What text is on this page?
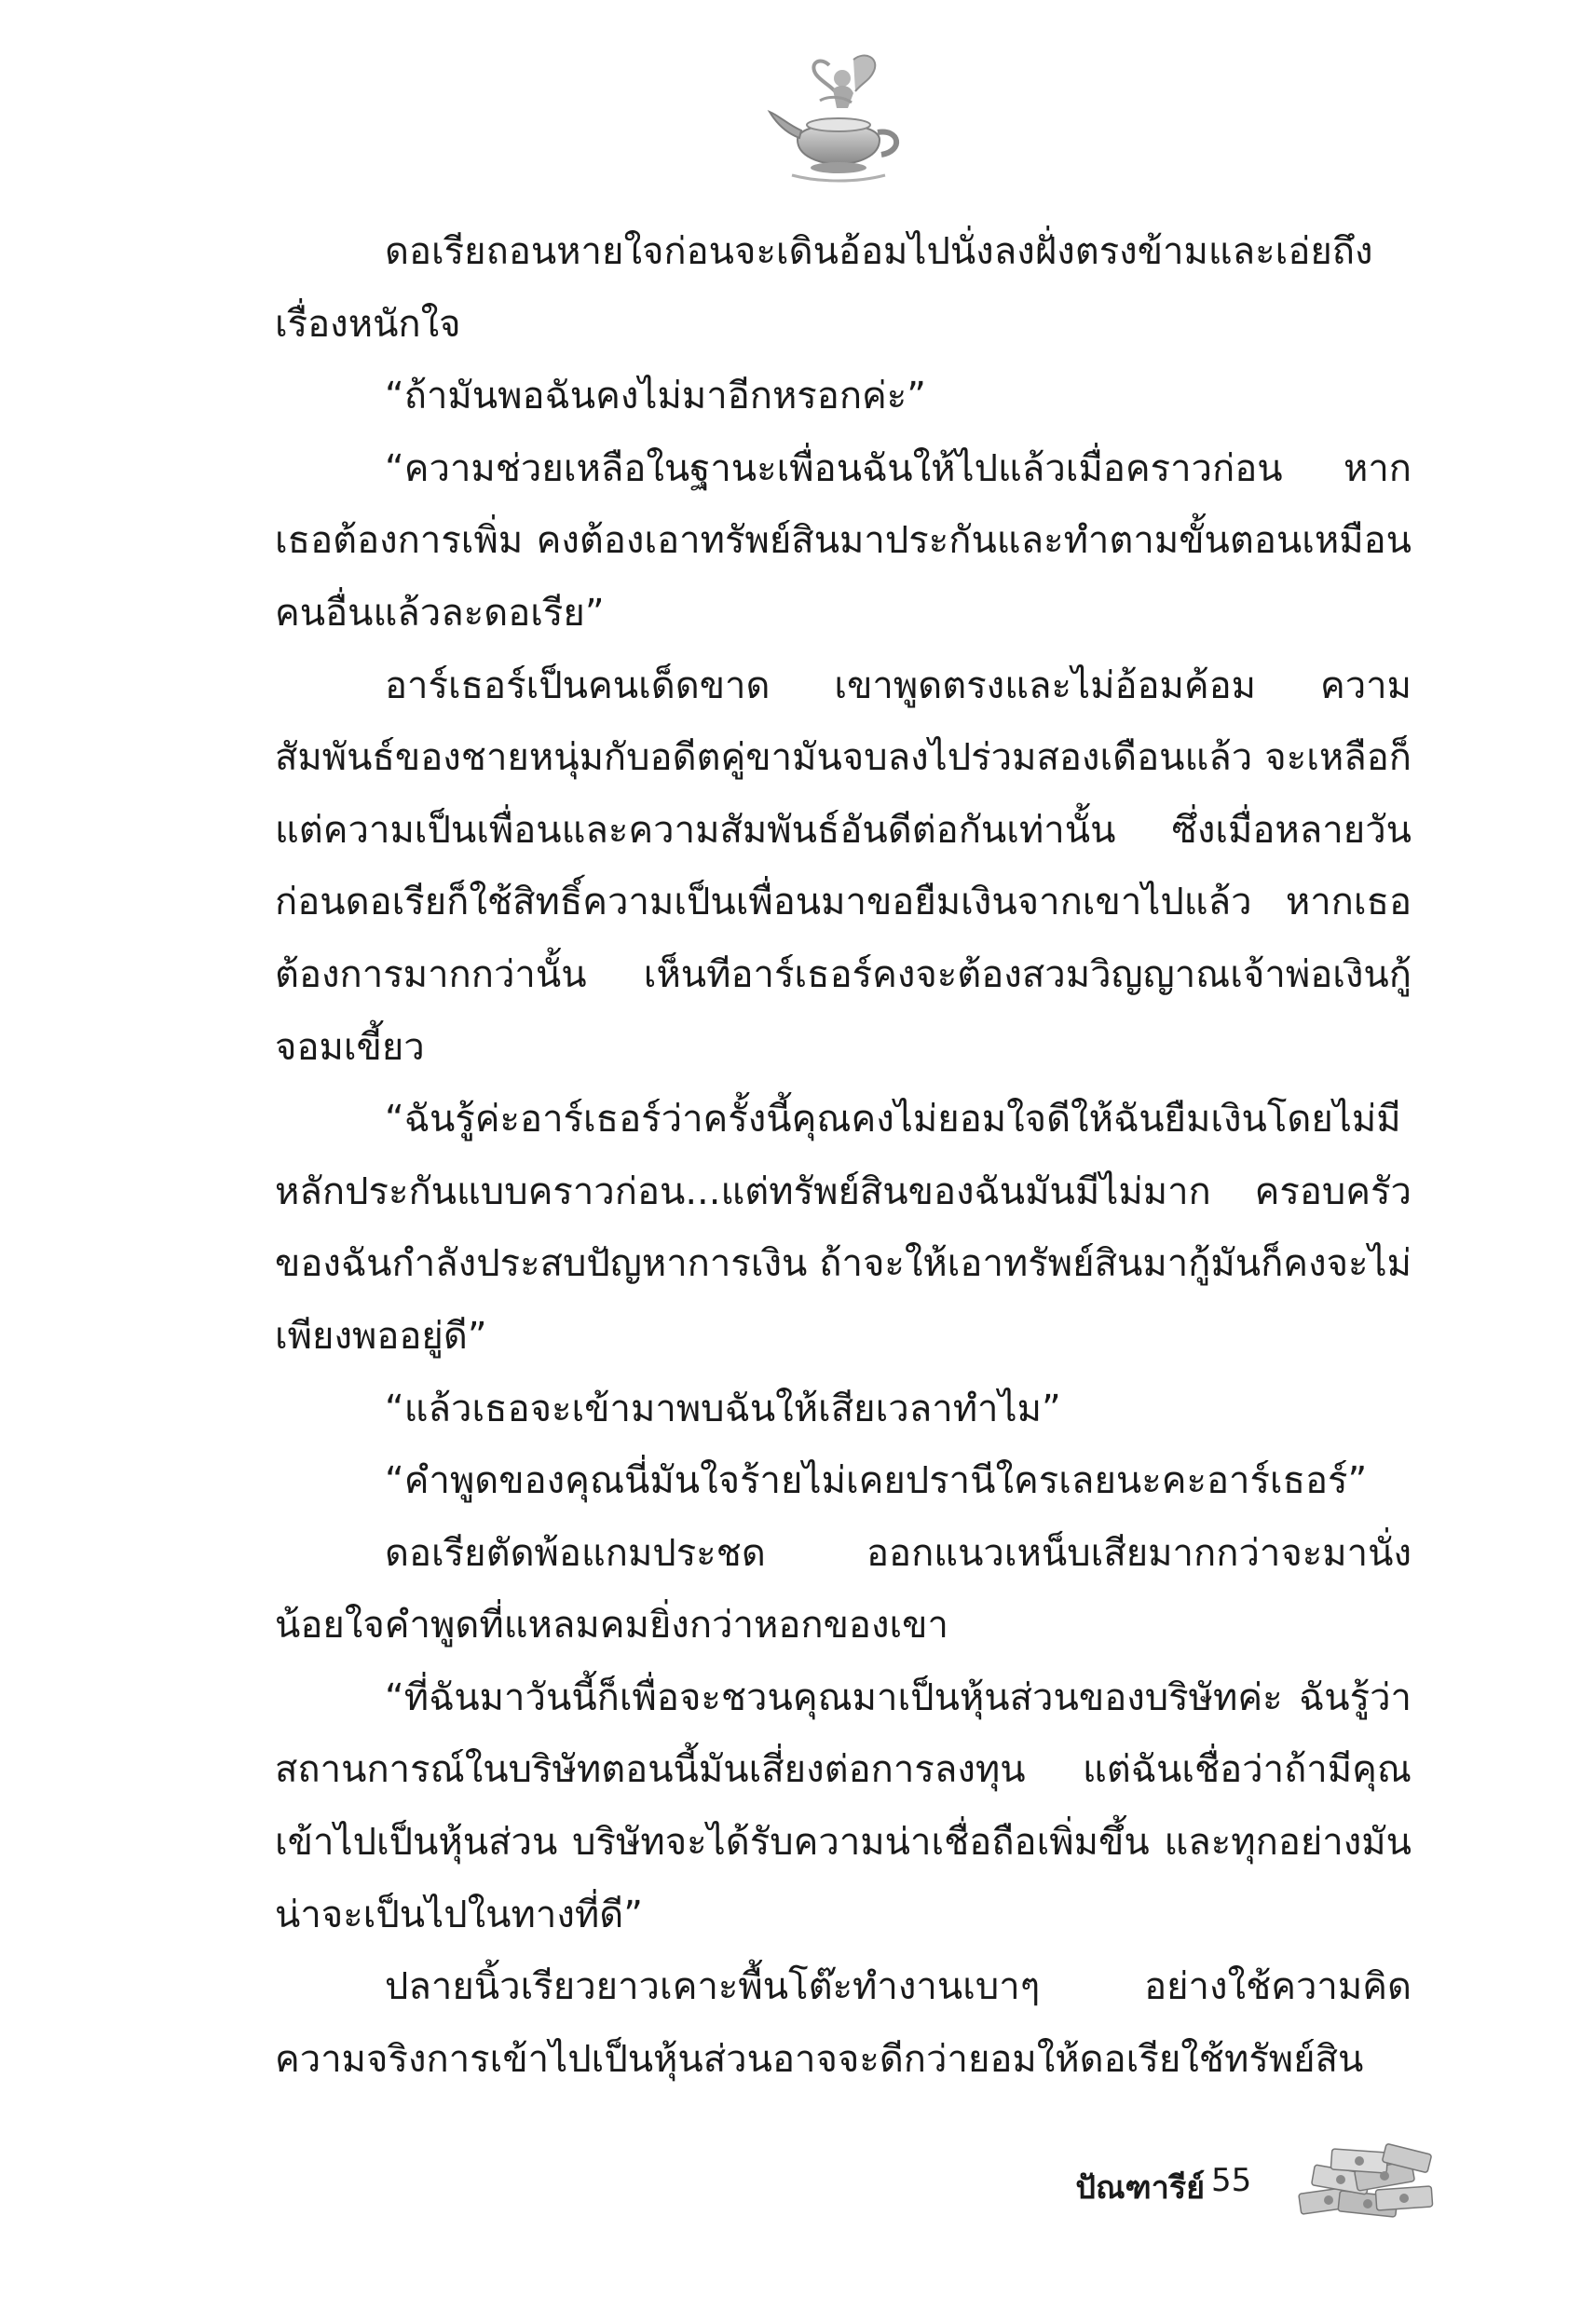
ดอเรียถอนหายใจก่อนจะเดินอ้อมไปนั่งลงฝั่งตรงข้ามและเอ่ยถึงเรื่องหนักใจ

“ถ้ามันพอฉันคงไม่มาอีกหรอกค่ะ”

“ความช่วยเหลือในฐานะเพื่อนฉันให้ไปแล้วเมื่อคราวก่อน หากเธอต้องการเพิ่ม คงต้องเอาทรัพย์สินมาประกันและทำตามขั้นตอนเหมือนคนอื่นแล้วละดอเรีย”

อาร์เธอร์เป็นคนเด็ดขาด เขาพูดตรงและไม่อ้อมค้อม ความสัมพันธ์ของชายหนุ่มกับอดีตคู่ขามันจบลงไปร่วมสองเดือนแล้ว จะเหลือก็แต่ความเป็นเพื่อนและความสัมพันธ์อันดีต่อกันเท่านั้น ซึ่งเมื่อหลายวันก่อนดอเรียก็ใช้สิทธิ์ความเป็นเพื่อนมาขอยืมเงินจากเขาไปแล้ว หากเธอต้องการมากกว่านั้น เห็นทีอาร์เธอร์คงจะต้องสวมวิญญาณเจ้าพ่อเงินกู้จอมเขี้ยว

“ฉันรู้ค่ะอาร์เธอร์ว่าครั้งนี้คุณคงไม่ยอมใจดีให้ฉันยืมเงินโดยไม่มีหลักประกันแบบคราวก่อน...แต่ทรัพย์สินของฉันมันมีไม่มาก ครอบครัวของฉันกำลังประสบปัญหาการเงิน ถ้าจะให้เอาทรัพย์สินมากู้มันก็คงจะไม่เพียงพออยู่ดี”

“แล้วเธอจะเข้ามาพบฉันให้เสียเวลาทำไม”

“คำพูดของคุณนี่มันใจร้ายไม่เคยปรานีใครเลยนะคะอาร์เธอร์”

ดอเรียตัดพ้อแกมประชด ออกแนวเหน็บเสียมากกว่าจะมานั่งน้อยใจคำพูดที่แหลมคมยิ่งกว่าหอกของเขา

“ที่ฉันมาวันนี้ก็เพื่อจะชวนคุณมาเป็นหุ้นส่วนของบริษัทค่ะ ฉันรู้ว่าสถานการณ์ในบริษัทตอนนี้มันเสี่ยงต่อการลงทุน แต่ฉันเชื่อว่าถ้ามีคุณเข้าไปเป็นหุ้นส่วน บริษัทจะได้รับความน่าเชื่อถือเพิ่มขึ้น และทุกอย่างมันน่าจะเป็นไปในทางที่ดี”

ปลายนิ้วเรียวยาวเคาะพื้นโต๊ะทำงานเบาๆ อย่างใช้ความคิด ความจริงการเข้าไปเป็นหุ้นส่วนอาจจะดีกว่ายอมให้ดอเรียใช้ทรัพย์สิน

ปัณฑารีย์ 55
